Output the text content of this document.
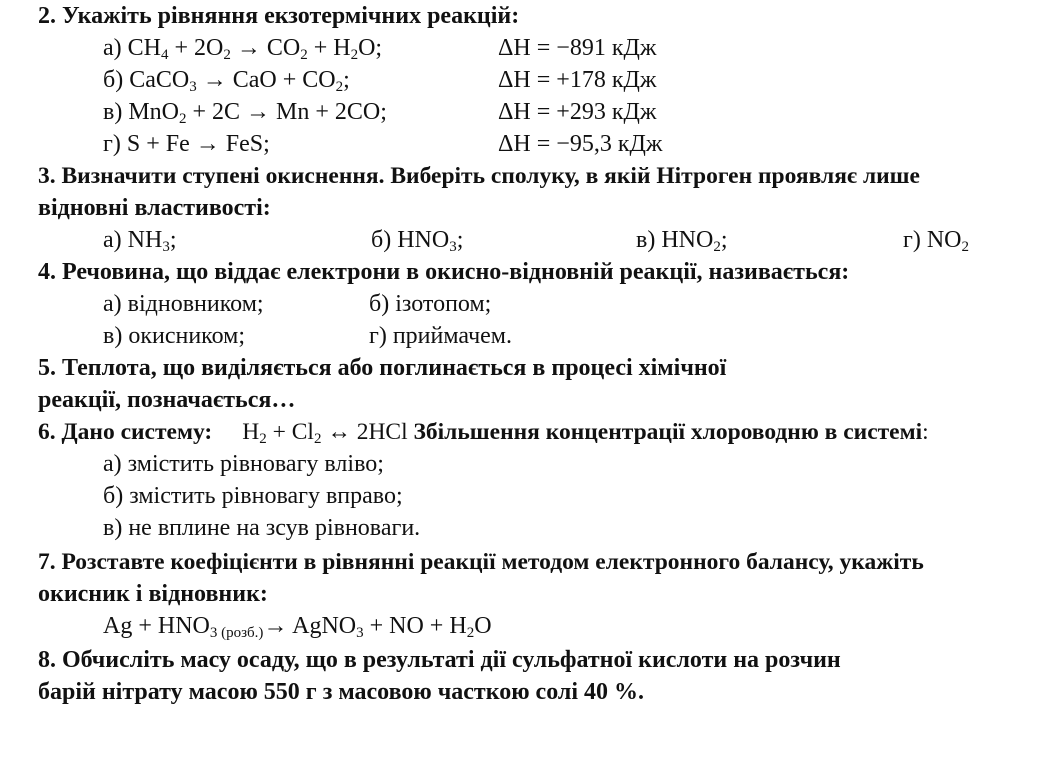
2. Укажіть рівняння екзотермічних реакцій:
а) $CH_4 + 2O_2 \to CO_2 + H_2O$;	ΔH = −891 кДж
б) CaCO$_3$ → CaO + $CO_2$;	ΔH = +178 кДж
в) MnO$_2$ + 2C → Mn + 2CO;	ΔH = +293 кДж
г) S + Fe → FeS;	ΔH = −95,3 кДж
3. Визначити ступені окиснення. Виберіть сполуку, в якій Нітроген проявляє лише
відновні властивості:
а) $NH_3$;	б) $HNO_3$;	в) $HNO_2$;	г) $NO_2$
4. Речовина, що віддає електрони в окисно-відновній реакції, називається:
а) відновником;	б) ізотопом;
в) окисником;	г) приймачем.
5. Теплота, що виділяється або поглинається в процесі хімічної
реакції, позначається…
6. Дано систему: $H_2 + Cl_2$ ↔ 2HCl Збільшення концентрації хлороводню в системі:
а) змістить рівновагу вліво;
б) змістить рівновагу вправо;
в) не вплине на зсув рівноваги.
7. Розставте коефіцієнти в рівнянні реакції методом електронного балансу, укажіть
окисник і відновник:
$Ag + HNO_{3 (розб.)}\to$ AgNO$_3$ + NO + $H_2O$
8. Обчисліть масу осаду, що в результаті дії сульфатної кислоти на розчин
барій нітрату масою 550 г з масовою часткою солі 40 %.
